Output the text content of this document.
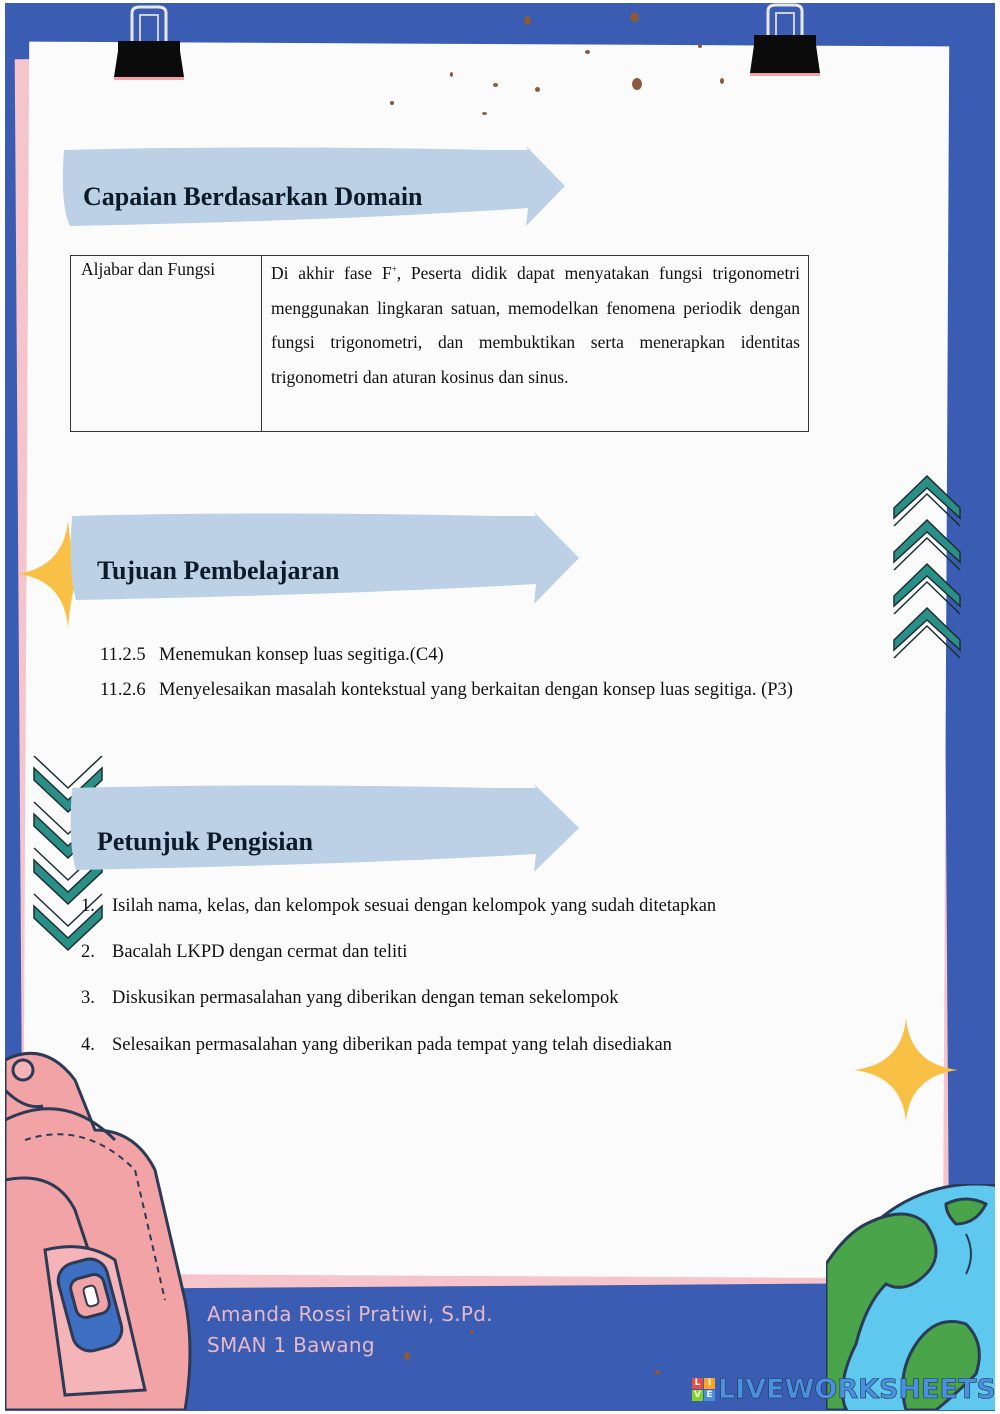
Capaian Berdasarkan Domain
Aljabar dan Fungsi	Di akhir fase F+, Peserta didik dapat menyatakan fungsi trigonometri menggunakan lingkaran satuan, memodelkan fenomena periodik dengan fungsi trigonometri, dan membuktikan serta menerapkan identitas trigonometri dan aturan kosinus dan sinus.
Tujuan Pembelajaran
11.2.5 Menemukan konsep luas segitiga.(C4)
11.2.6 Menyelesaikan masalah kontekstual yang berkaitan dengan konsep luas segitiga. (P3)
Petunjuk Pengisian
1. Isilah nama, kelas, dan kelompok sesuai dengan kelompok yang sudah ditetapkan
2. Bacalah LKPD dengan cermat dan teliti
3. Diskusikan permasalahan yang diberikan dengan teman sekelompok
4. Selesaikan permasalahan yang diberikan pada tempat yang telah disediakan
Amanda Rossi Pratiwi, S.Pd.
SMAN 1 Bawang
L I
V E LIVEWORKSHEETS
